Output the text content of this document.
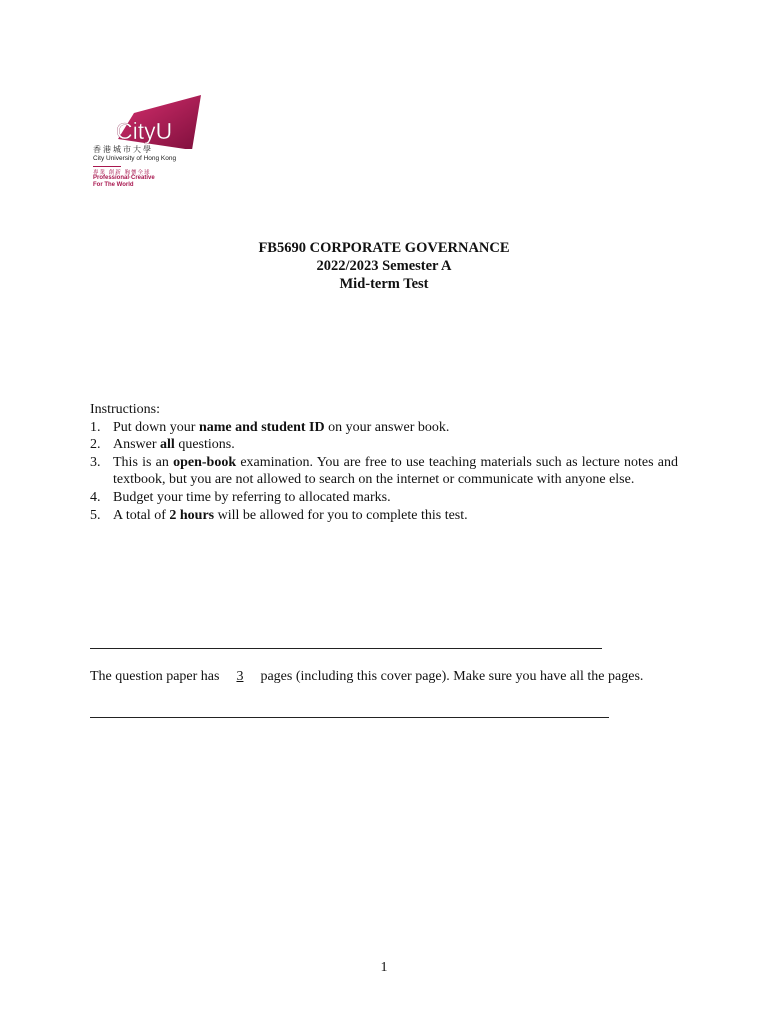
CityU
香港城市大學
City University of Hong Kong
專業 創新 胸懷全球
Professional·Creative
For The World
FB5690 CORPORATE GOVERNANCE
2022/2023 Semester A
Mid-term Test
Instructions:
1. Put down your name and student ID on your answer book.
2. Answer all questions.
3. This is an open-book examination. You are free to use teaching materials such as lecture notes and textbook, but you are not allowed to search on the internet or communicate with anyone else.
4. Budget your time by referring to allocated marks.
5. A total of 2 hours will be allowed for you to complete this test.
The question paper has 3 pages (including this cover page). Make sure you have all the pages.
1
